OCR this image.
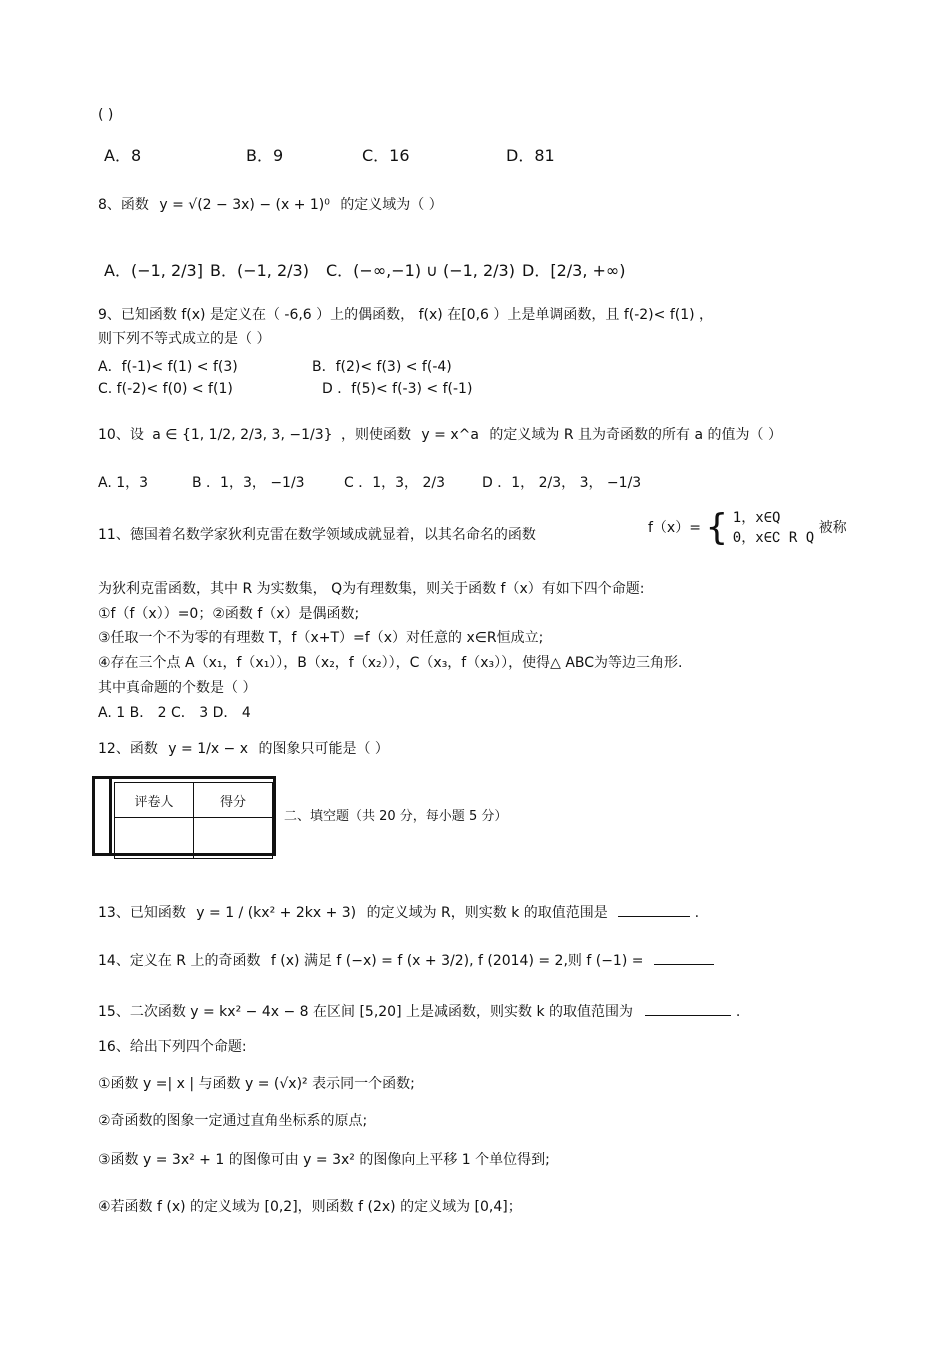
( )
A．8	B．9	C．16	D．81
8、函数 y = √(2 − 3x) − (x + 1)⁰ 的定义域为（ ）
A．(−1, 2/3] B．(−1, 2/3) C．(−∞,−1) ∪ (−1, 2/3) D．[2/3, +∞)
9、已知函数 f(x) 是定义在（ -6,6 ）上的偶函数， f(x) 在[0,6 ）上是单调函数，且 f(-2)< f(1) ，
则下列不等式成立的是（ ）
A．f(-1)< f(1) < f(3)	B．f(2)< f(3) < f(-4)
C. f(-2)< f(0) < f(1)	D ．f(5)< f(-3) < f(-1)
10、设 a ∈ {1, 1/2, 2/3, 3, −1/3} ，则使函数 y = x^a 的定义域为 R 且为奇函数的所有 a 的值为（ ）
A. 1，3	B ．1，3， −1/3	C ．1，3， 2/3	D ．1， 2/3， 3， −1/3
11、德国着名数学家狄利克雷在数学领域成就显着，以其名命名的函数	f（x）= { 1，x∈Q
0，x∈∁ R Q
被称
为狄利克雷函数，其中 R 为实数集， Q为有理数集，则关于函数 f（x）有如下四个命题:
①f（f（x））=0；②函数 f（x）是偶函数;
③任取一个不为零的有理数 T，f（x+T）=f（x）对任意的 x∈R恒成立;
④存在三个点 A（x₁，f（x₁）），B（x₂，f（x₂）），C（x₃，f（x₃）），使得△ ABC为等边三角形.
其中真命题的个数是（ ）
A. 1 B． 2 C． 3 D． 4
12、函数 y = 1/x − x 的图象只可能是（ ）
评卷人	得分

二、填空题（共 20 分，每小题 5 分）
13、已知函数 y = 1 / (kx² + 2kx + 3) 的定义域为 R，则实数 k 的取值范围是	.
14、定义在 R 上的奇函数 f (x) 满足 f (−x) = f (x + 3/2), f (2014) = 2,则 f (−1) =
15、二次函数 y = kx² − 4x − 8 在区间 [5,20] 上是减函数，则实数 k 的取值范围为	.
16、给出下列四个命题:
①函数 y =| x | 与函数 y = (√x)² 表示同一个函数;
②奇函数的图象一定通过直角坐标系的原点;
③函数 y = 3x² + 1 的图像可由 y = 3x² 的图像向上平移 1 个单位得到;
④若函数 f (x) 的定义域为 [0,2]，则函数 f (2x) 的定义域为 [0,4]；
